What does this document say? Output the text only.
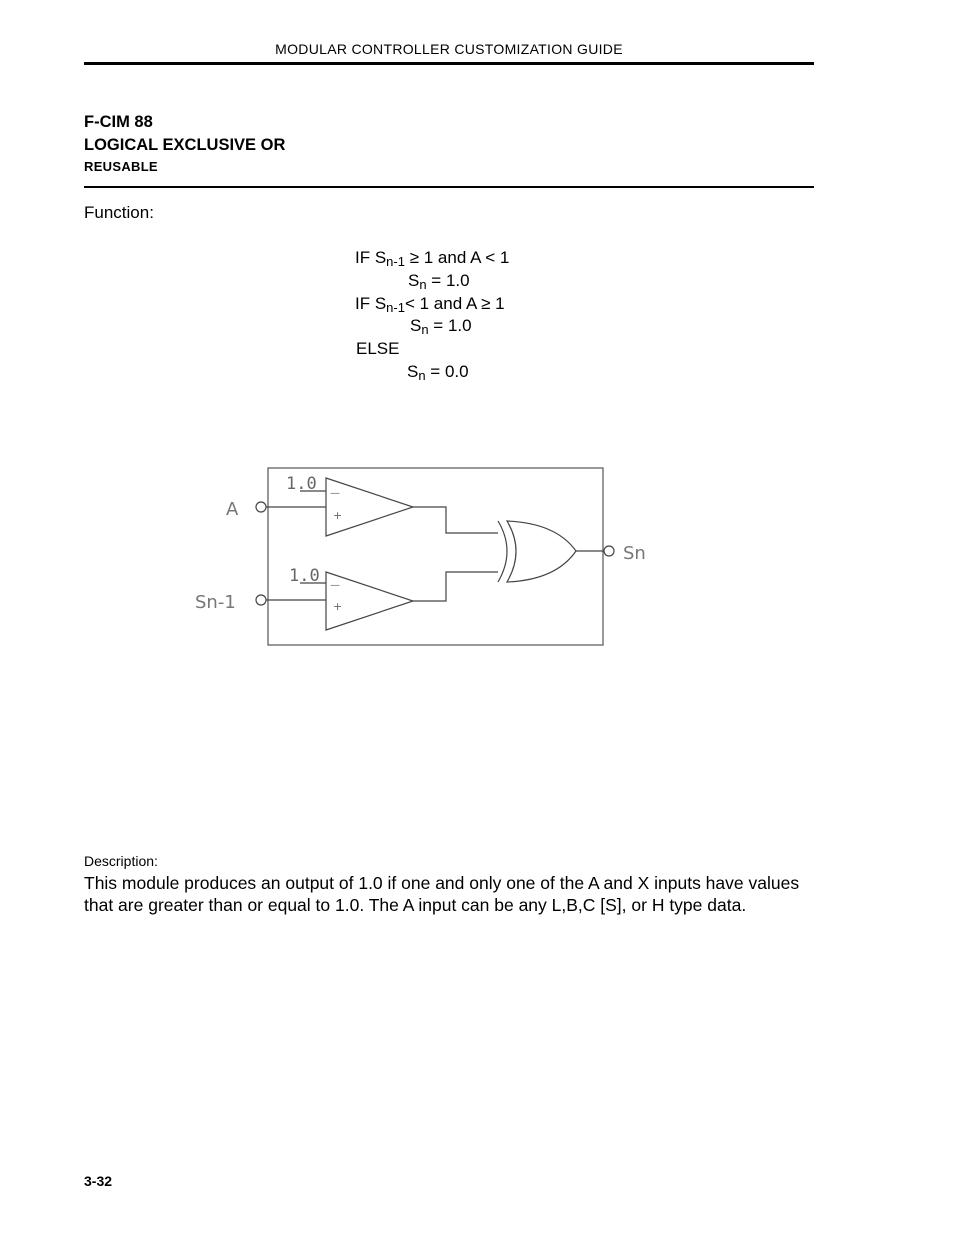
MODULAR CONTROLLER CUSTOMIZATION GUIDE
F-CIM 88
LOGICAL EXCLUSIVE OR
REUSABLE
Function:
IF $S_{n-1} \ge 1$ and A < 1
$S_n = 1.0$
IF $S_{n-1}< 1$ and A ≥ 1
$S_n = 1.0$
ELSE
$S_n = 0.0$
A
Sn-1
1.0
1.0
—
+
—
+
Sn
Description:
This module produces an output of 1.0 if one and only one of the A and X inputs have values that are greater than or equal to 1.0. The A input can be any L,B,C [S], or H type data.
3-32
